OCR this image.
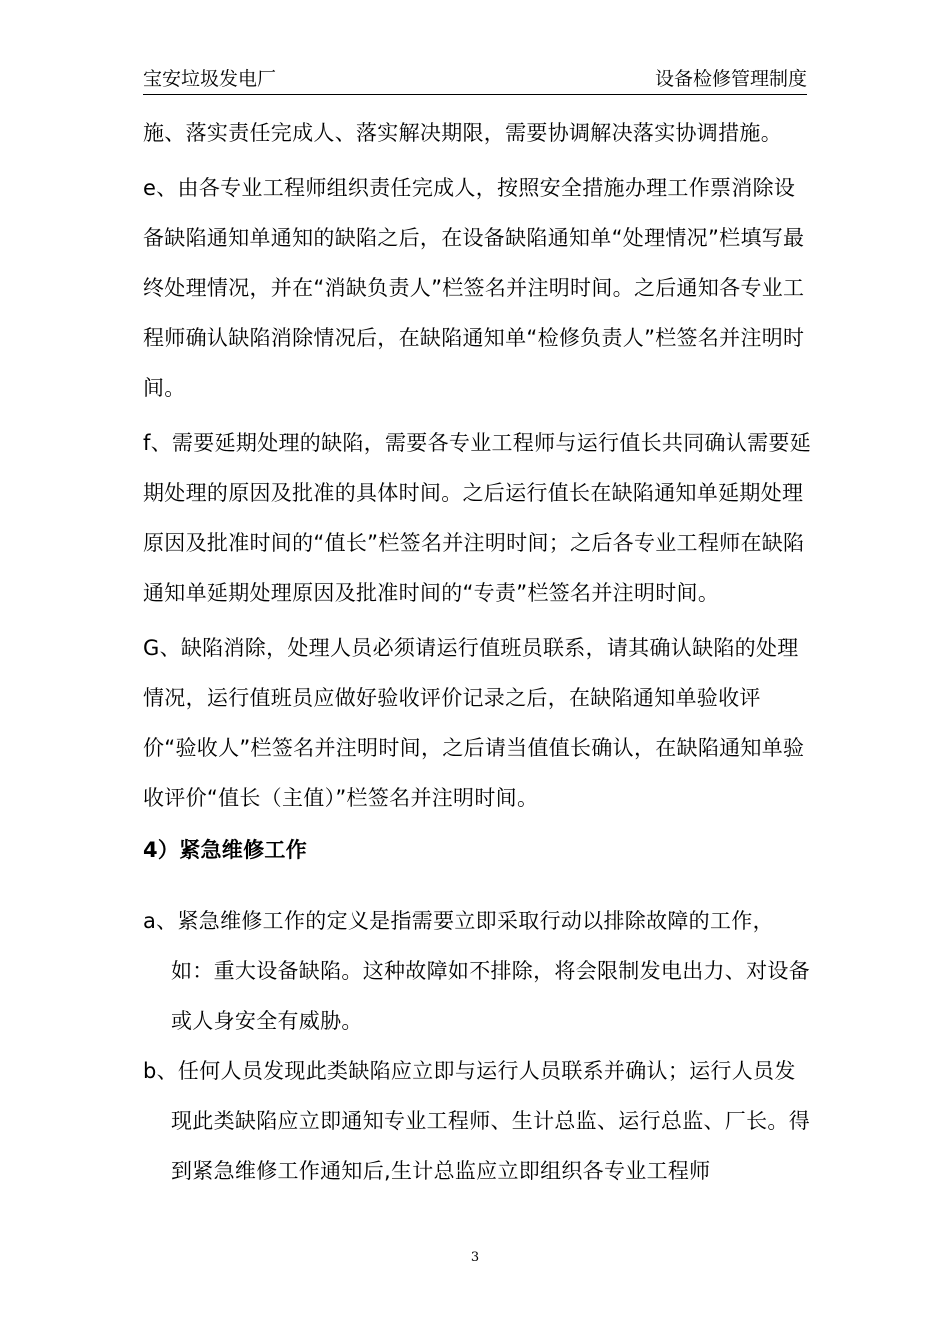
宝安垃圾发电厂	设备检修管理制度

施、落实责任完成人、落实解决期限，需要协调解决落实协调措施。

e、由各专业工程师组织责任完成人，按照安全措施办理工作票消除设备缺陷通知单通知的缺陷之后，在设备缺陷通知单“处理情况”栏填写最终处理情况，并在“消缺负责人”栏签名并注明时间。之后通知各专业工程师确认缺陷消除情况后，在缺陷通知单“检修负责人”栏签名并注明时间。

f、需要延期处理的缺陷，需要各专业工程师与运行值长共同确认需要延期处理的原因及批准的具体时间。之后运行值长在缺陷通知单延期处理原因及批准时间的“值长”栏签名并注明时间；之后各专业工程师在缺陷通知单延期处理原因及批准时间的“专责”栏签名并注明时间。

G、缺陷消除，处理人员必须请运行值班员联系，请其确认缺陷的处理情况，运行值班员应做好验收评价记录之后，在缺陷通知单验收评价“验收人”栏签名并注明时间，之后请当值值长确认，在缺陷通知单验收评价“值长（主值）”栏签名并注明时间。

4）紧急维修工作

a、紧急维修工作的定义是指需要立即采取行动以排除故障的工作，如：重大设备缺陷。这种故障如不排除，将会限制发电出力、对设备或人身安全有威胁。

b、任何人员发现此类缺陷应立即与运行人员联系并确认；运行人员发现此类缺陷应立即通知专业工程师、生计总监、运行总监、厂长。得到紧急维修工作通知后,生计总监应立即组织各专业工程师

3
